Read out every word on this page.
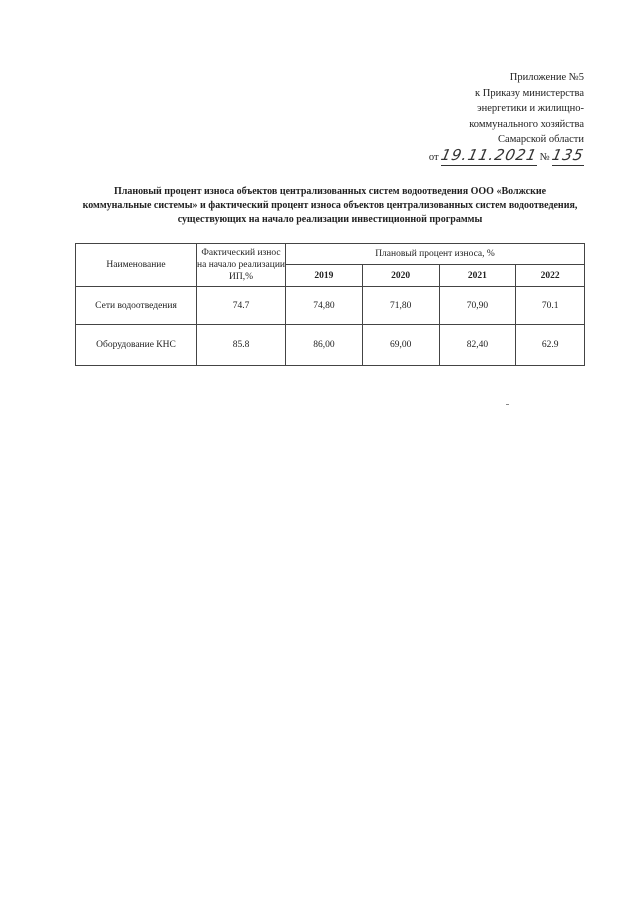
Приложение №5
к Приказу министерства
энергетики и жилищно-
коммунального хозяйства
Самарской области
от 19.11.2021 № 135
Плановый процент износа объектов централизованных систем водоотведения ООО «Волжские
коммунальные системы» и фактический процент износа объектов централизованных систем водоотведения,
существующих на начало реализации инвестиционной программы
Наименование	Фактический износ на начало реализации ИП,%	Плановый процент износа, %			
		2019	2020	2021	2022
Сети водоотведения	74.7	74,80	71,80	70,90	70.1
Оборудование КНС	85.8	86,00	69,00	82,40	62.9
